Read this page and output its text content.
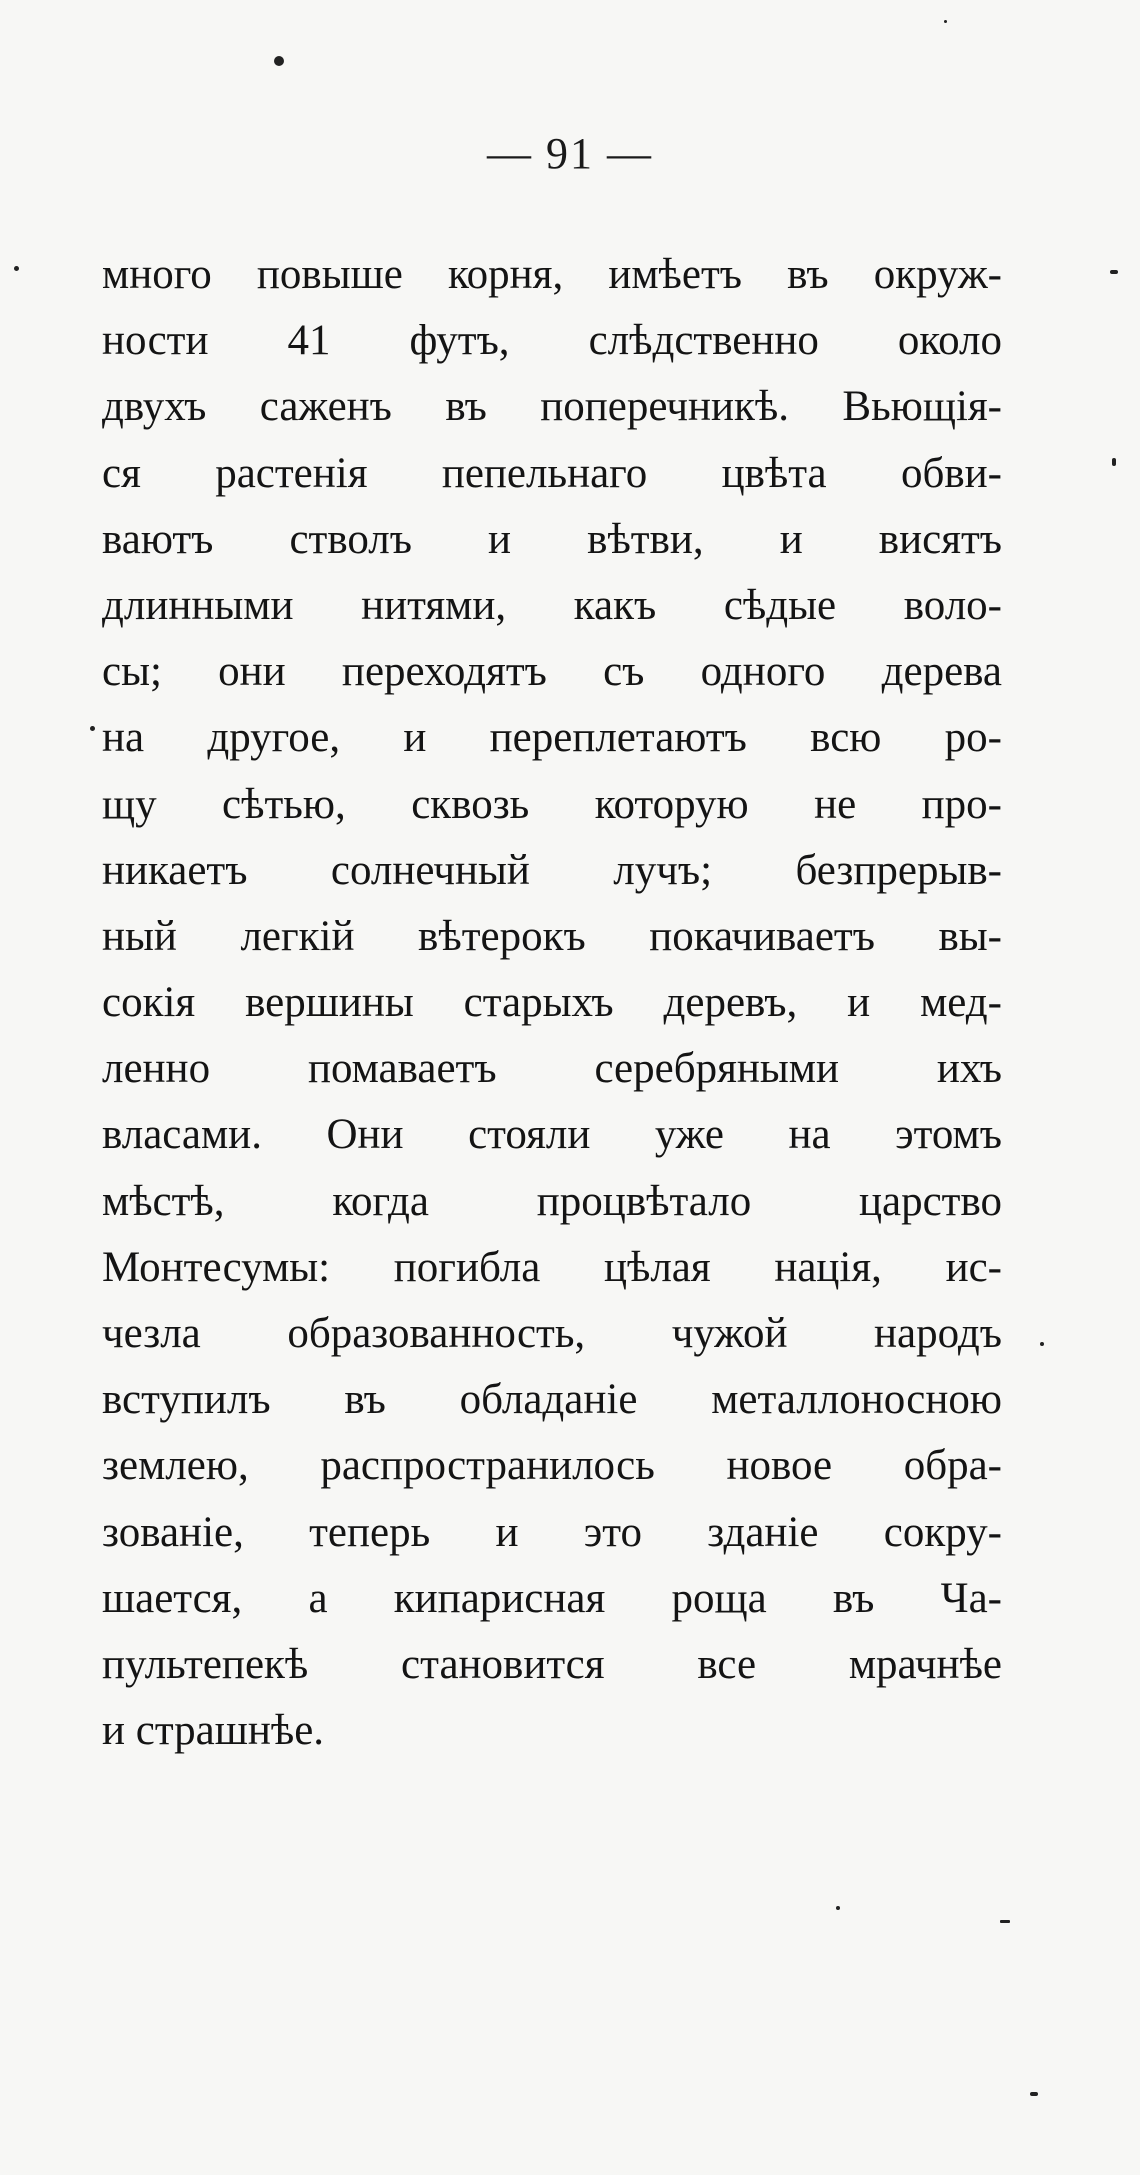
— 91 —
много повыше корня, имѣетъ въ окруж-
ности 41 футъ, слѣдственно около
двухъ саженъ въ поперечникѣ. Вьющія-
ся растенія пепельнаго цвѣта обви-
ваютъ стволъ и вѣтви, и висятъ
длинными нитями, какъ сѣдые воло-
сы; они переходятъ съ одного дерева
на другое, и переплетаютъ всю ро-
щу сѣтью, сквозь которую не про-
никаетъ солнечный лучъ; безпрерыв-
ный легкій вѣтерокъ покачиваетъ вы-
сокія вершины старыхъ деревъ, и мед-
ленно помаваетъ серебряными ихъ
власами. Они стояли уже на этомъ
мѣстѣ, когда процвѣтало царство
Монтесумы: погибла цѣлая нація, ис-
чезла образованность, чужой народъ
вступилъ въ обладаніе металлоносною
землею, распространилось новое обра-
зованіе, теперь и это зданіе сокру-
шается, а кипарисная роща въ Ча-
пультепекѣ становится все мрачнѣе
и страшнѣе.
